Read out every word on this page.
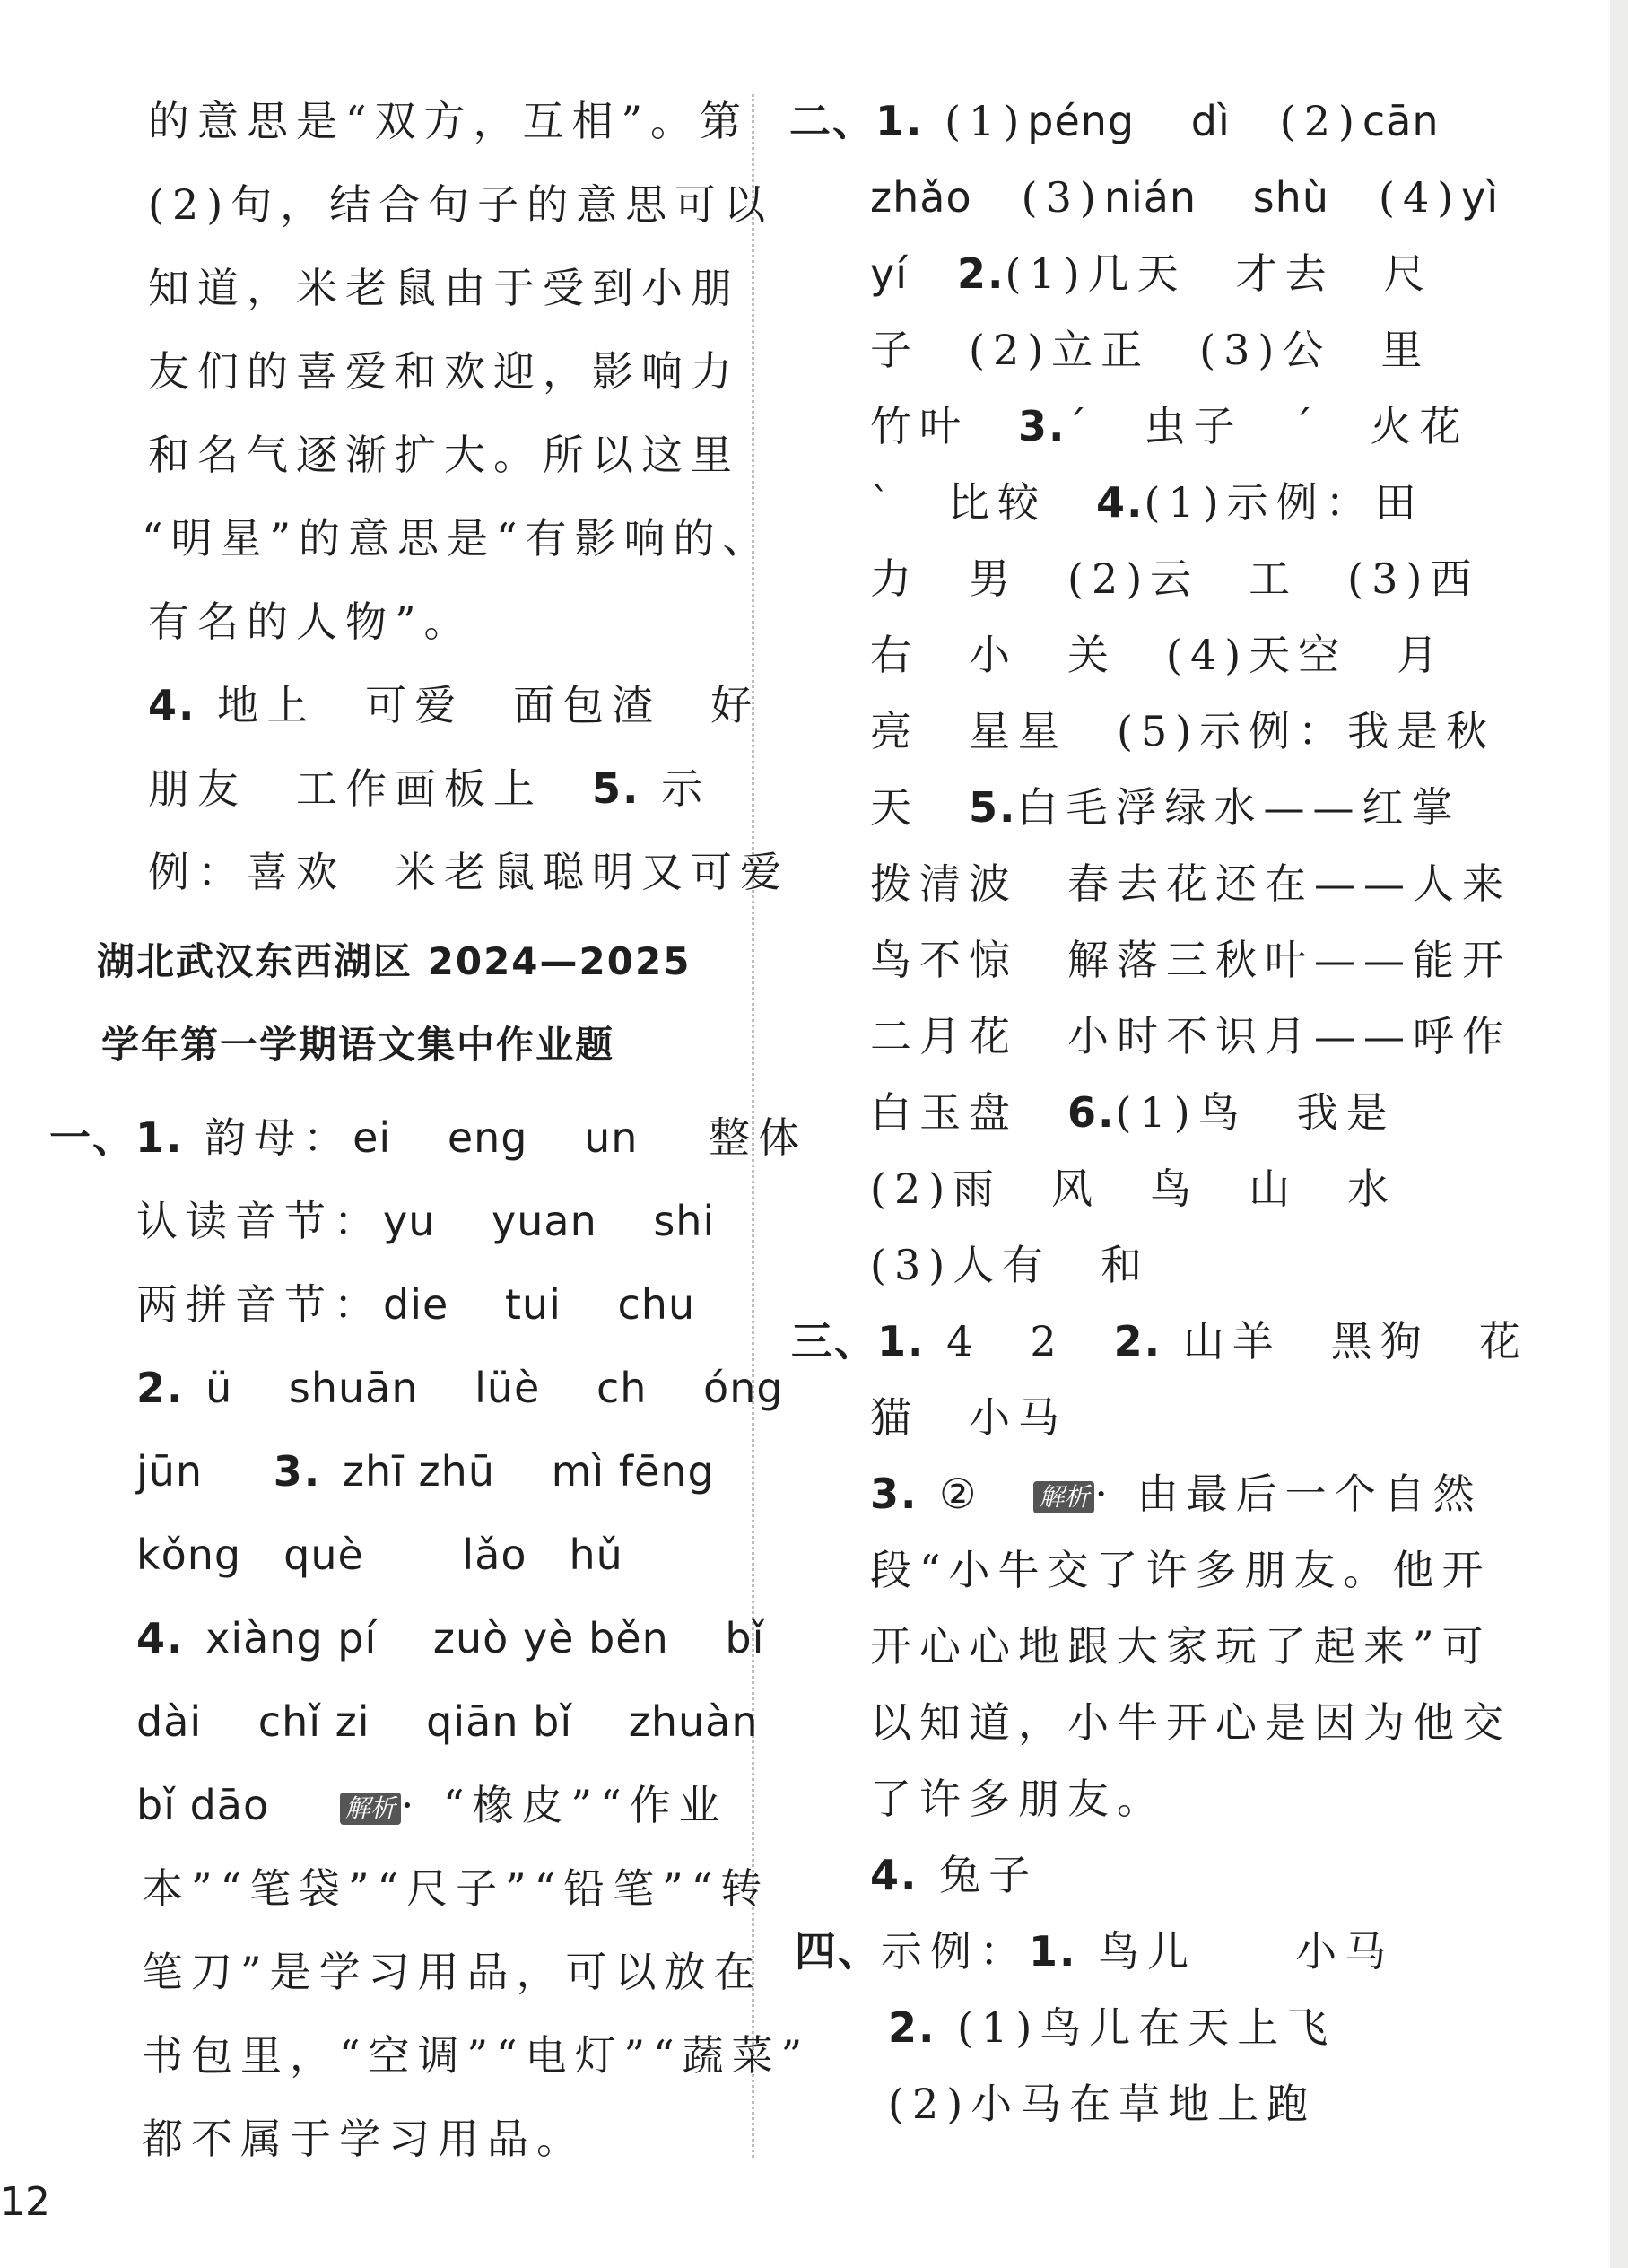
的意思是“双方，互相”。第
(2)句，结合句子的意思可以
知道，米老鼠由于受到小朋
友们的喜爱和欢迎，影响力
和名气逐渐扩大。所以这里
“明星”的意思是“有影响的、
有名的人物”。
4. 地上　可爱　面包渣　好
朋友　工作画板上　 5. 示
例：喜欢　米老鼠聪明又可爱
湖北武汉东西湖区 2024—2025
学年第一学期语文集中作业题
一、1. 韵母：ei　 eng　 un　 整体
认读音节：yu　 yuan　 shi
两拼音节：die　 tui　 chu
2. ü　 shuān　 lüè　 ch　 óng
jūn　 3. zhī zhū　 mì fēng
kǒng　què　　 lǎo　hǔ
4. xiàng pí　 zuò yè běn　 bǐ
dài　 chǐ zi　 qiān bǐ　 zhuàn
bǐ dāo　	解析 · “橡皮”“作业
本”“笔袋”“尺子”“铅笔”“转
笔刀”是学习用品，可以放在
书包里，“空调”“电灯”“蔬菜”
都不属于学习用品。
二、1. (1)péng　 dì　 (2)cān
zhǎo　 (3)nián　 shù　 (4)yì
yí　 2.(1)几天　才去　尺
子　(2)立正　(3)公　里
竹叶　 3.ˊ　虫子　ˊ　火花
ˋ　比较　 4.(1)示例：田
力　男　(2)云　工　(3)西
右　小　关　(4)天空　月
亮　星星　(5)示例：我是秋
天　 5.白毛浮绿水——红掌
拨清波　春去花还在——人来
鸟不惊　解落三秋叶——能开
二月花　小时不识月——呼作
白玉盘　 6.(1)鸟　我是
(2)雨　风　鸟　山　水
(3)人有　和
三、1. 4　2　 2. 山羊　黑狗　花
猫　小马
3. ②　 解析 · 由最后一个自然
段“小牛交了许多朋友。他开
开心心地跟大家玩了起来”可
以知道，小牛开心是因为他交
了许多朋友。
4. 兔子
四、示例：1. 鸟儿　　小马
2. (1)鸟儿在天上飞
(2)小马在草地上跑
12
